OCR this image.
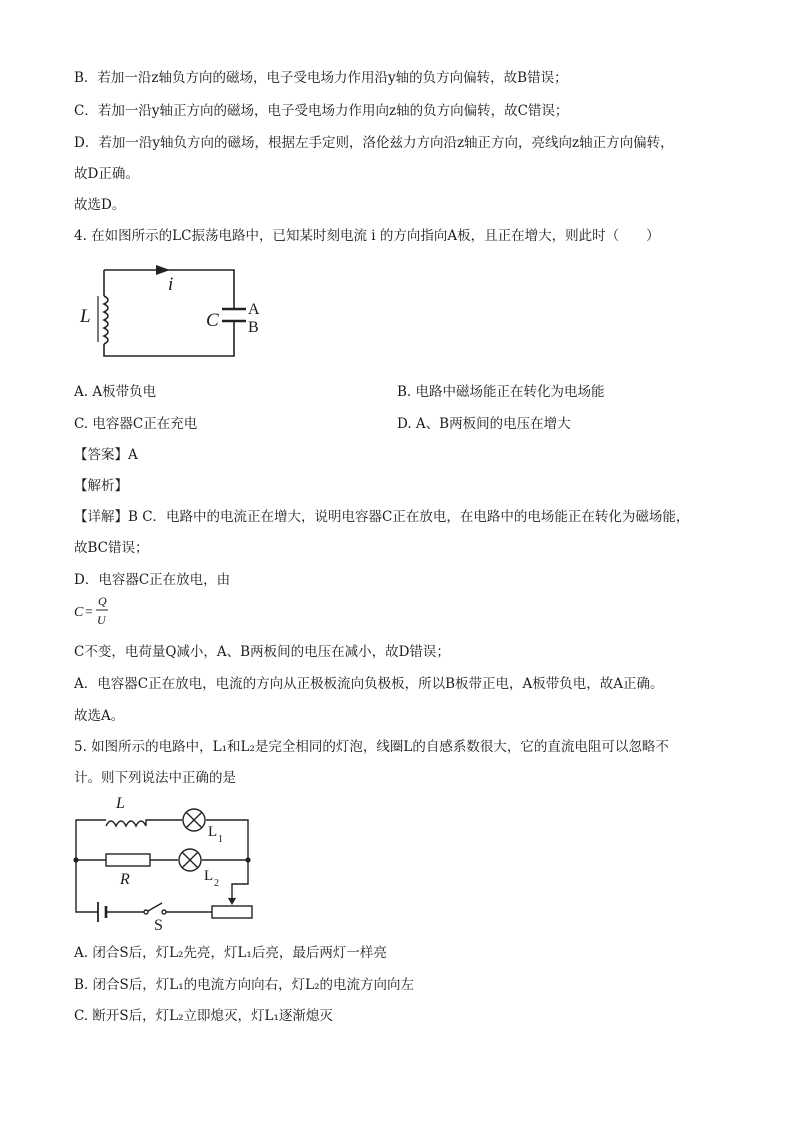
B．若加一沿z轴负方向的磁场，电子受电场力作用沿y轴的负方向偏转，故B错误；
C．若加一沿y轴正方向的磁场，电子受电场力作用向z轴的负方向偏转，故C错误；
D．若加一沿y轴负方向的磁场，根据左手定则，洛伦兹力方向沿z轴正方向，亮线向z轴正方向偏转，
故D正确。
故选D。
4. 在如图所示的LC振荡电路中，已知某时刻电流 i 的方向指向A板，且正在增大，则此时（　　）
i
L	C
A
B
A. A板带负电	B. 电路中磁场能正在转化为电场能
C. 电容器C正在充电	D. A、B两板间的电压在增大
【答案】A
【解析】
【详解】B C．电路中的电流正在增大，说明电容器C正在放电，在电路中的电场能正在转化为磁场能，
故BC错误；
D．电容器C正在放电，由
C =
Q
U
C不变，电荷量Q减小，A、B两板间的电压在减小，故D错误；
A．电容器C正在放电，电流的方向从正极板流向负极板，所以B板带正电，A板带负电，故A正确。
故选A。
5. 如图所示的电路中，L₁和L₂是完全相同的灯泡，线圈L的自感系数很大，它的直流电阻可以忽略不
计。则下列说法中正确的是
L
L 1
R	L 2
S
A. 闭合S后，灯L₂先亮，灯L₁后亮，最后两灯一样亮
B. 闭合S后，灯L₁的电流方向向右，灯L₂的电流方向向左
C. 断开S后，灯L₂立即熄灭，灯L₁逐渐熄灭
